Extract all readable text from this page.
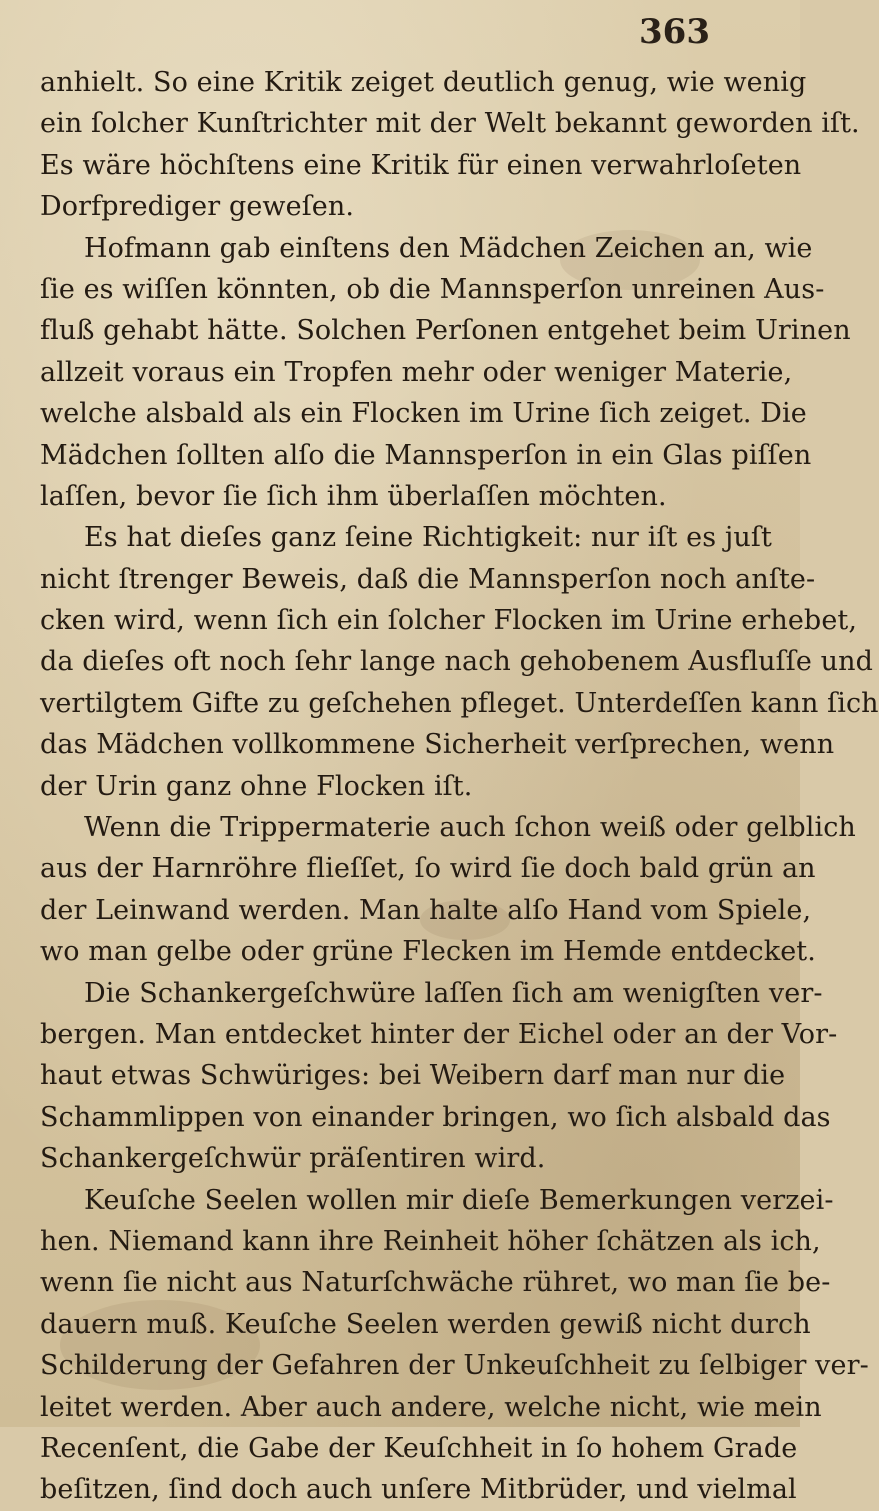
363
anhielt. So eine Kritik zeiget deutlich genug, wie wenig
ein ſolcher Kunſtrichter mit der Welt bekannt geworden iſt.
Es wäre höchſtens eine Kritik für einen verwahrloſeten
Dorfprediger geweſen.
Hofmann gab einſtens den Mädchen Zeichen an, wie
ſie es wiſſen könnten, ob die Mannsperſon unreinen Aus-
fluß gehabt hätte. Solchen Perſonen entgehet beim Urinen
allzeit voraus ein Tropfen mehr oder weniger Materie,
welche alsbald als ein Flocken im Urine ſich zeiget. Die
Mädchen ſollten alſo die Mannsperſon in ein Glas piſſen
laſſen, bevor ſie ſich ihm überlaſſen möchten.
Es hat dieſes ganz ſeine Richtigkeit: nur iſt es juſt
nicht ſtrenger Beweis, daß die Mannsperſon noch anſte-
cken wird, wenn ſich ein ſolcher Flocken im Urine erhebet,
da dieſes oft noch ſehr lange nach gehobenem Ausfluſſe und
vertilgtem Gifte zu geſchehen pfleget. Unterdeſſen kann ſich
das Mädchen vollkommene Sicherheit verſprechen, wenn
der Urin ganz ohne Flocken iſt.
Wenn die Trippermaterie auch ſchon weiß oder gelblich
aus der Harnröhre flieſſet, ſo wird ſie doch bald grün an
der Leinwand werden. Man halte alſo Hand vom Spiele,
wo man gelbe oder grüne Flecken im Hemde entdecket.
Die Schankergeſchwüre laſſen ſich am wenigſten ver-
bergen. Man entdecket hinter der Eichel oder an der Vor-
haut etwas Schwüriges: bei Weibern darf man nur die
Schammlippen von einander bringen, wo ſich alsbald das
Schankergeſchwür präſentiren wird.
Keuſche Seelen wollen mir dieſe Bemerkungen verzei-
hen. Niemand kann ihre Reinheit höher ſchätzen als ich,
wenn ſie nicht aus Naturſchwäche rühret, wo man ſie be-
dauern muß. Keuſche Seelen werden gewiß nicht durch
Schilderung der Gefahren der Unkeuſchheit zu ſelbiger ver-
leitet werden. Aber auch andere, welche nicht, wie mein
Recenſent, die Gabe der Keuſchheit in ſo hohem Grade
beſitzen, ſind doch auch unſere Mitbrüder, und vielmal
